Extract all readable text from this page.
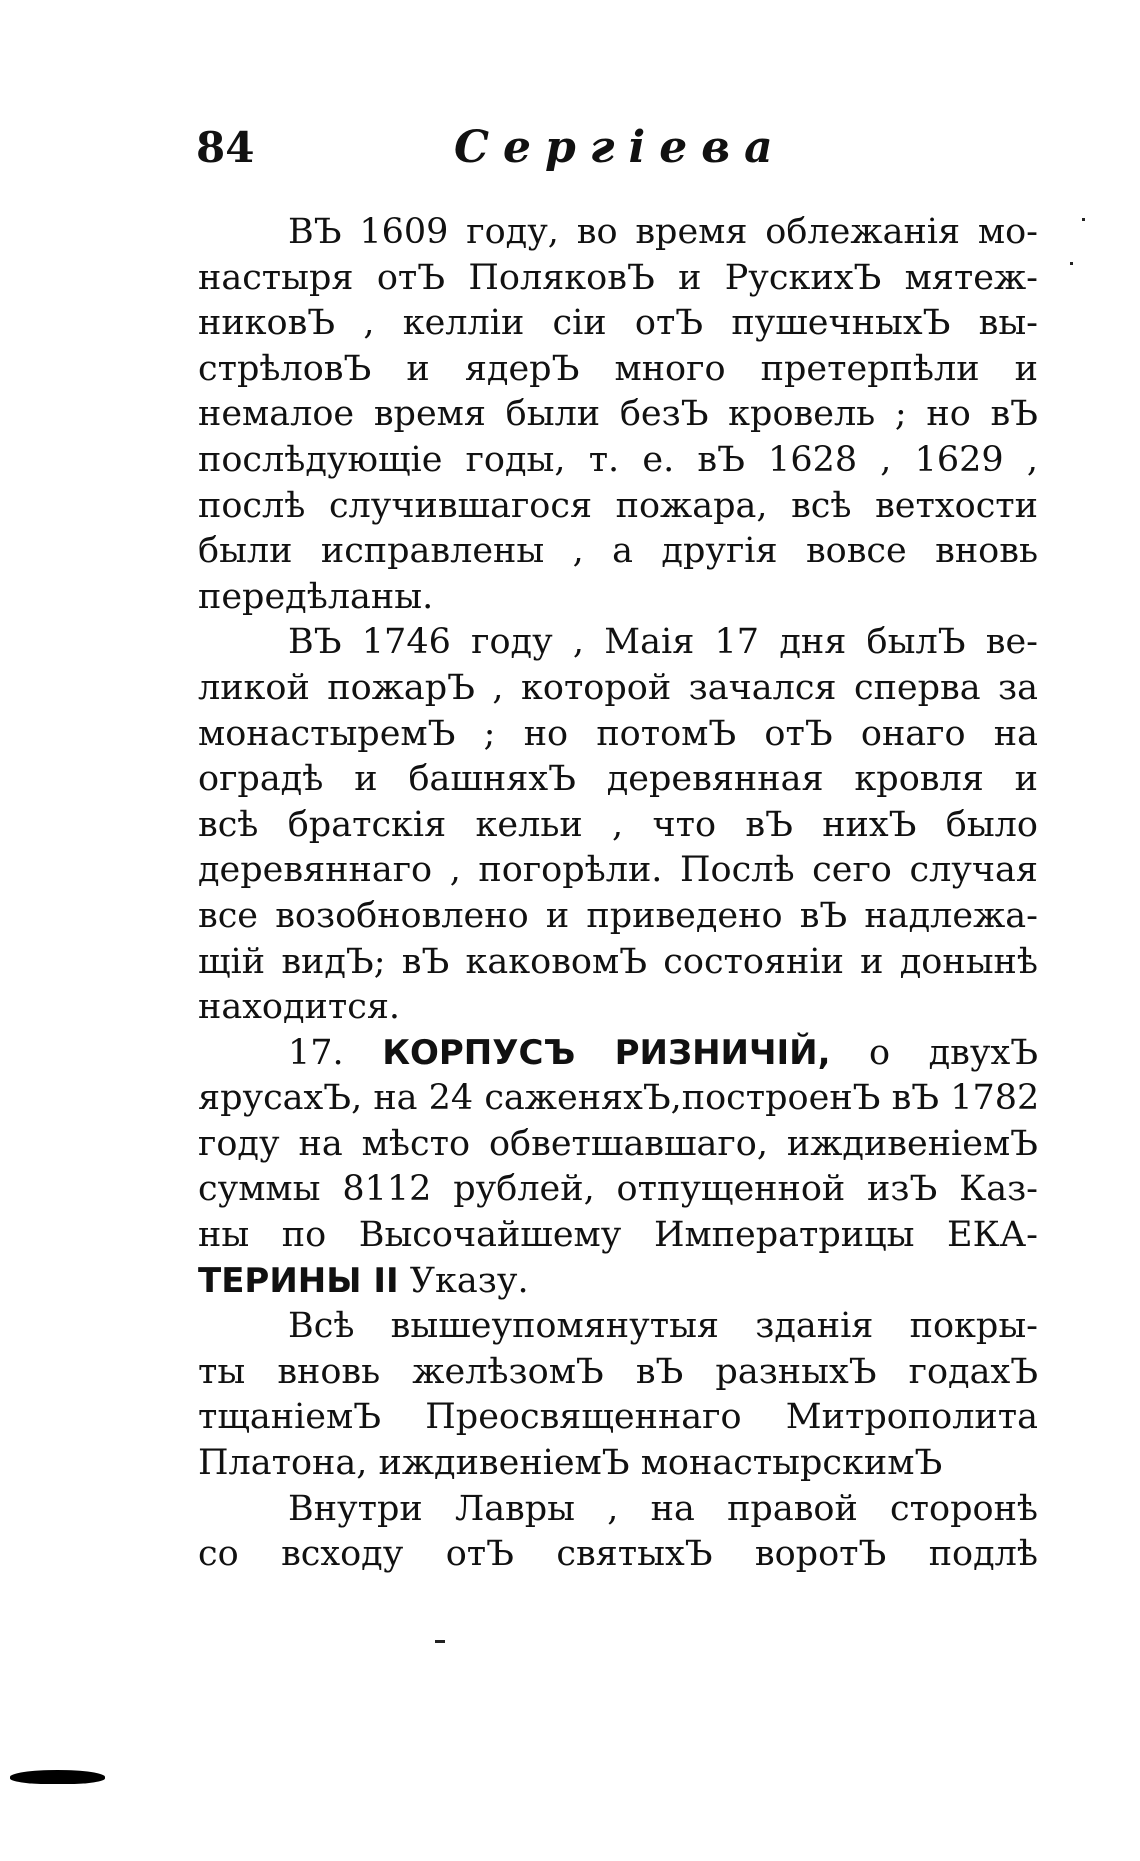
84	Сергіева
ВЪ 1609 году, во время облежанія мо-
настыря отЪ ПоляковЪ и РускихЪ мятеж-
никовЪ , келліи сіи отЪ пушечныхЪ вы-
стрѣловЪ и ядерЪ много претерпѣли и
немалое время были безЪ кровель ; но вЪ
послѣдующіе годы, т. е. вЪ 1628 , 1629 ,
послѣ случившагося пожара, всѣ ветхости
были исправлены , а другія вовсе вновь
передѣланы.
ВЪ 1746 году , Маія 17 дня былЪ ве-
ликой пожарЪ , которой зачался сперва за
монастыремЪ ; но потомЪ отЪ онаго на
оградѣ и башняхЪ деревянная кровля и
всѣ братскія кельи , что вЪ нихЪ было
деревяннаго , погорѣли. Послѣ сего случая
все возобновлено и приведено вЪ надлежа-
щій видЪ; вЪ каковомЪ состояніи и донынѣ
находится.
17. КОРПУСЪ РИЗНИЧІЙ, о двухЪ
ярусахЪ, на 24 саженяхЪ,построенЪ вЪ 1782
году на мѣсто обветшавшаго, иждивеніемЪ
суммы 8112 рублей, отпущенной изЪ Каз-
ны по Высочайшему Императрицы ЕКА-
ТЕРИНЫ II Указу.
Всѣ вышеупомянутыя зданія покры-
ты вновь желѣзомЪ вЪ разныхЪ годахЪ
тщаніемЪ Преосвященнаго Митрополита
Платона, иждивеніемЪ монастырскимЪ
Внутри Лавры , на правой сторонѣ
со всходу отЪ святыхЪ воротЪ подлѣ
